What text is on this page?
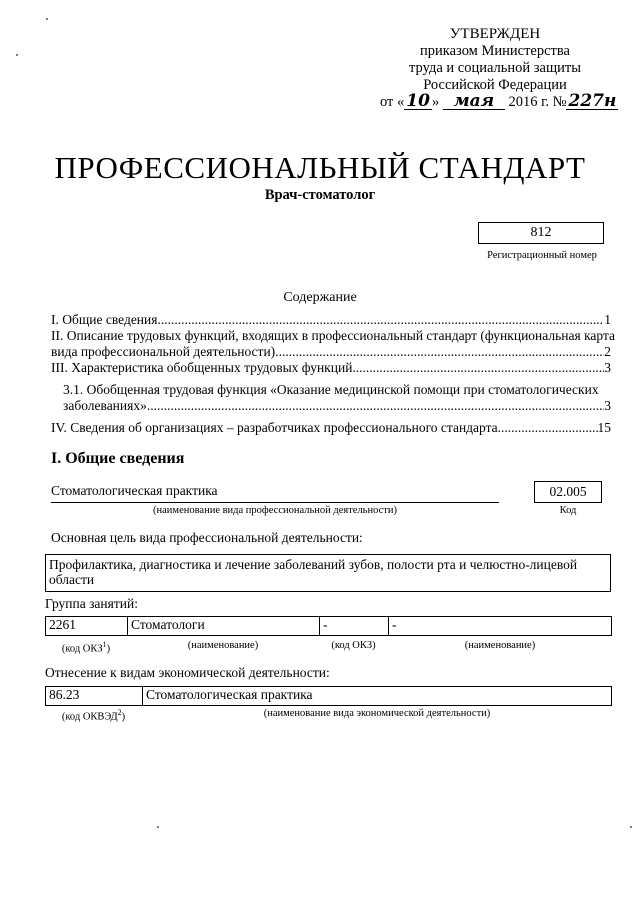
УТВЕРЖДЕН
приказом Министерства
труда и социальной защиты
Российской Федерации
от « 10 » мая 2016 г. № 227н
ПРОФЕССИОНАЛЬНЫЙ СТАНДАРТ
Врач-стоматолог
812
Регистрационный номер
Содержание
I. Общие сведения .....	1
II. Описание трудовых функций, входящих в профессиональный стандарт (функциональная карта
вида профессиональной деятельности) .....	2
III. Характеристика обобщенных трудовых функций .....	3
3.1. Обобщенная трудовая функция «Оказание медицинской помощи при стоматологических
заболеваниях» .....	3
IV. Сведения об организациях – разработчиках профессионального стандарта .....	15
I. Общие сведения
Стоматологическая практика
(наименование вида профессиональной деятельности)
02.005
Код
Основная цель вида профессиональной деятельности:
Профилактика, диагностика и лечение заболеваний зубов, полости рта и челюстно-лицевой области
Группа занятий:
2261	Стоматологи	-	-
(код ОКЗ$^1$)	(наименование)	(код ОКЗ)	(наименование)
Отнесение к видам экономической деятельности:
86.23	Стоматологическая практика
(код ОКВЭД$^2$)	(наименование вида экономической деятельности)
